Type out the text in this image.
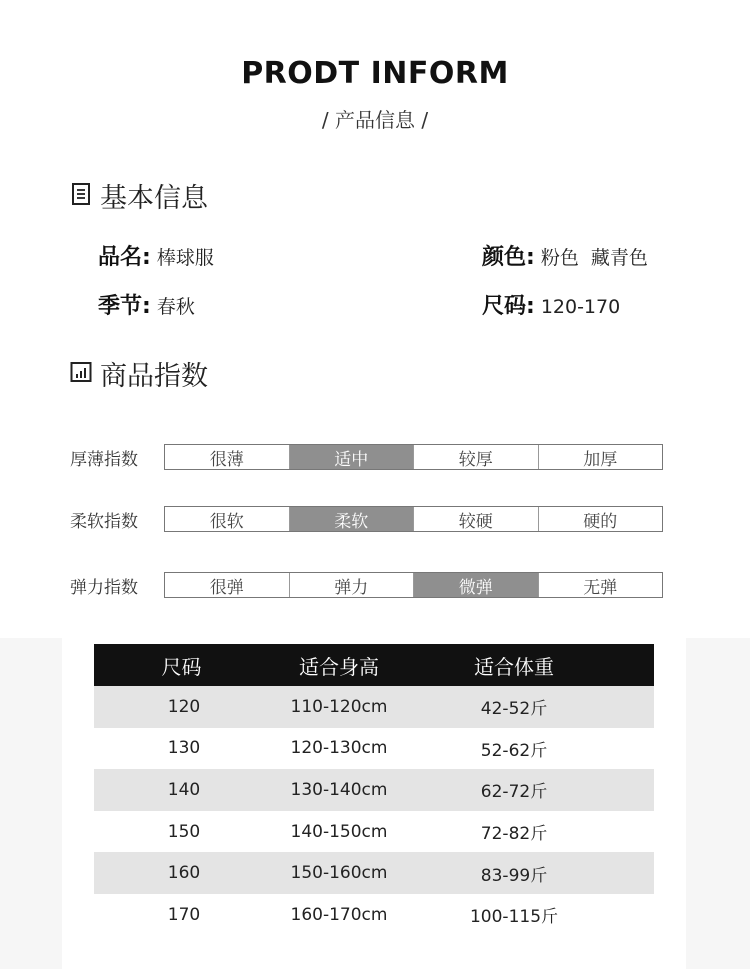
PRODT INFORM
/ 产品信息 /
基本信息
品名: 棒球服	颜色: 粉色  藏青色
季节: 春秋	尺码: 120-170
商品指数
厚薄指数	很薄	适中	较厚	加厚
柔软指数	很软	柔软	较硬	硬的
弹力指数	很弹	弹力	微弹	无弹
尺码	适合身高	适合体重
120	110-120cm	42-52斤
130	120-130cm	52-62斤
140	130-140cm	62-72斤
150	140-150cm	72-82斤
160	150-160cm	83-99斤
170	160-170cm	100-115斤
